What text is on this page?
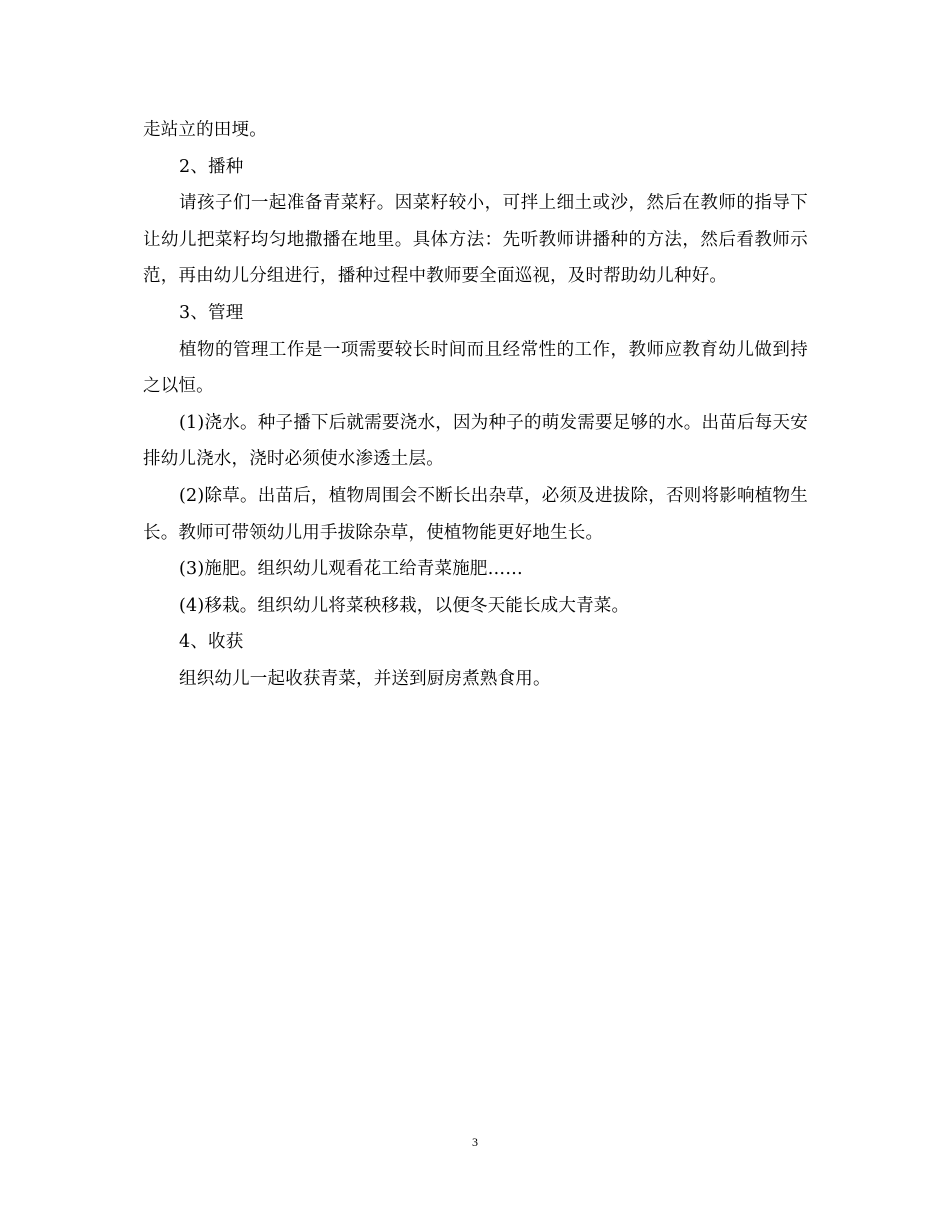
走站立的田埂。

2、播种

请孩子们一起准备青菜籽。因菜籽较小，可拌上细土或沙，然后在教师的指导下让幼儿把菜籽均匀地撒播在地里。具体方法：先听教师讲播种的方法，然后看教师示范，再由幼儿分组进行，播种过程中教师要全面巡视，及时帮助幼儿种好。

3、管理

植物的管理工作是一项需要较长时间而且经常性的工作，教师应教育幼儿做到持之以恒。

(1)浇水。种子播下后就需要浇水，因为种子的萌发需要足够的水。出苗后每天安排幼儿浇水，浇时必须使水渗透土层。

(2)除草。出苗后，植物周围会不断长出杂草，必须及进拔除，否则将影响植物生长。教师可带领幼儿用手拔除杂草，使植物能更好地生长。

(3)施肥。组织幼儿观看花工给青菜施肥……

(4)移栽。组织幼儿将菜秧移栽，以便冬天能长成大青菜。

4、收获

组织幼儿一起收获青菜，并送到厨房煮熟食用。

3
